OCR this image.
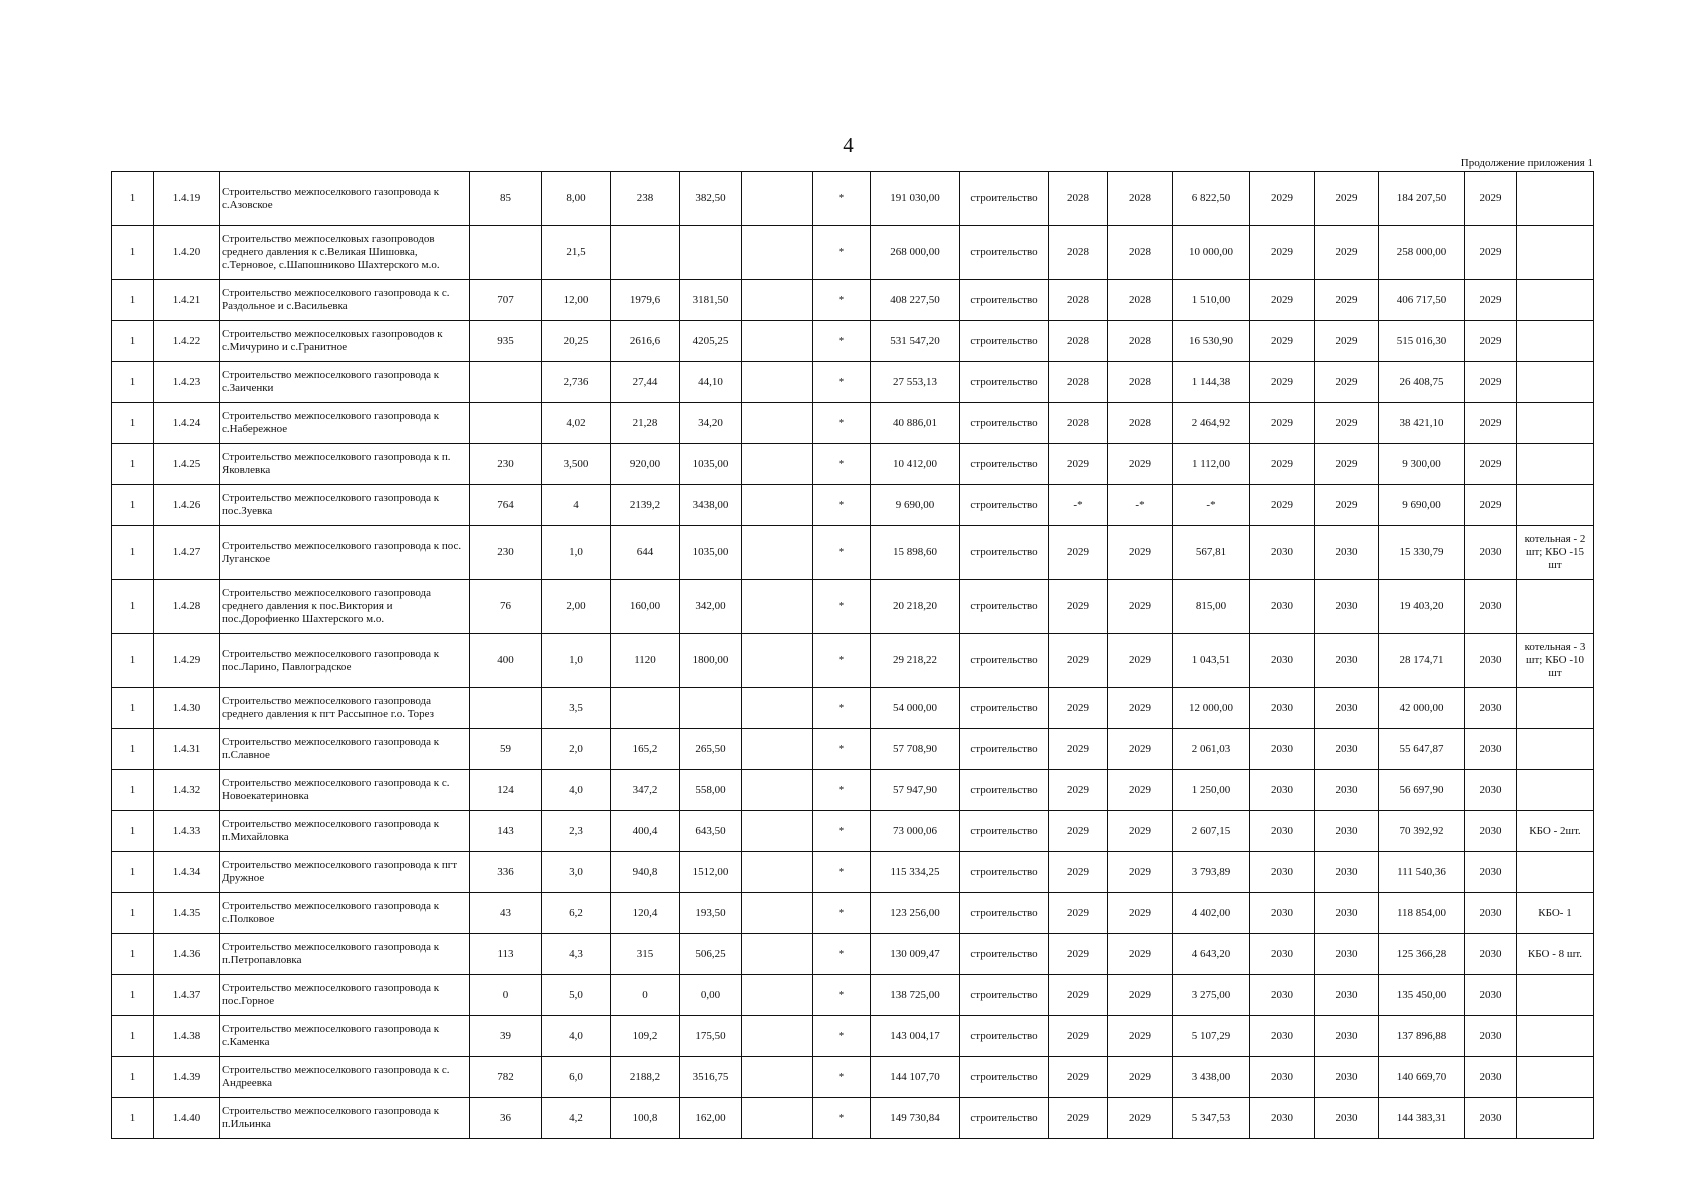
4
Продолжение приложения 1
1	1.4.19	Строительство межпоселкового газопровода к с.Азовское	85	8,00	238	382,50		*	191 030,00	строительство	2028	2028	6 822,50	2029	2029	184 207,50	2029	
1	1.4.20	Строительство межпоселковых газопроводов среднего давления к с.Великая Шишовка, с.Терновое, с.Шапошниково Шахтерского м.о.		21,5				*	268 000,00	строительство	2028	2028	10 000,00	2029	2029	258 000,00	2029	
1	1.4.21	Строительство межпоселкового газопровода к с. Раздольное и с.Васильевка	707	12,00	1979,6	3181,50		*	408 227,50	строительство	2028	2028	1 510,00	2029	2029	406 717,50	2029	
1	1.4.22	Строительство межпоселковых газопроводов к с.Мичурино и с.Гранитное	935	20,25	2616,6	4205,25		*	531 547,20	строительство	2028	2028	16 530,90	2029	2029	515 016,30	2029	
1	1.4.23	Строительство межпоселкового газопровода к с.Заиченки		2,736	27,44	44,10		*	27 553,13	строительство	2028	2028	1 144,38	2029	2029	26 408,75	2029	
1	1.4.24	Строительство межпоселкового газопровода к с.Набережное		4,02	21,28	34,20		*	40 886,01	строительство	2028	2028	2 464,92	2029	2029	38 421,10	2029	
1	1.4.25	Строительство межпоселкового газопровода к п. Яковлевка	230	3,500	920,00	1035,00		*	10 412,00	строительство	2029	2029	1 112,00	2029	2029	9 300,00	2029	
1	1.4.26	Строительство межпоселкового газопровода к пос.Зуевка	764	4	2139,2	3438,00		*	9 690,00	строительство	-*	-*	-*	2029	2029	9 690,00	2029	
1	1.4.27	Строительство межпоселкового газопровода к пос. Луганское	230	1,0	644	1035,00		*	15 898,60	строительство	2029	2029	567,81	2030	2030	15 330,79	2030	котельная - 2 шт; КБО -15 шт
1	1.4.28	Строительство межпоселкового газопровода среднего давления к пос.Виктория и пос.Дорофиенко Шахтерского м.о.	76	2,00	160,00	342,00		*	20 218,20	строительство	2029	2029	815,00	2030	2030	19 403,20	2030	
1	1.4.29	Строительство межпоселкового газопровода к пос.Ларино, Павлоградское	400	1,0	1120	1800,00		*	29 218,22	строительство	2029	2029	1 043,51	2030	2030	28 174,71	2030	котельная - 3 шт; КБО -10 шт
1	1.4.30	Строительство межпоселкового газопровода среднего давления к пгт Рассыпное г.о. Торез		3,5				*	54 000,00	строительство	2029	2029	12 000,00	2030	2030	42 000,00	2030	
1	1.4.31	Строительство межпоселкового газопровода к п.Славное	59	2,0	165,2	265,50		*	57 708,90	строительство	2029	2029	2 061,03	2030	2030	55 647,87	2030	
1	1.4.32	Строительство межпоселкового газопровода к с. Новоекатериновка	124	4,0	347,2	558,00		*	57 947,90	строительство	2029	2029	1 250,00	2030	2030	56 697,90	2030	
1	1.4.33	Строительство межпоселкового газопровода к п.Михайловка	143	2,3	400,4	643,50		*	73 000,06	строительство	2029	2029	2 607,15	2030	2030	70 392,92	2030	КБО - 2шт.
1	1.4.34	Строительство межпоселкового газопровода к пгт Дружное	336	3,0	940,8	1512,00		*	115 334,25	строительство	2029	2029	3 793,89	2030	2030	111 540,36	2030	
1	1.4.35	Строительство межпоселкового газопровода к с.Полковое	43	6,2	120,4	193,50		*	123 256,00	строительство	2029	2029	4 402,00	2030	2030	118 854,00	2030	КБО- 1
1	1.4.36	Строительство межпоселкового газопровода к п.Петропавловка	113	4,3	315	506,25		*	130 009,47	строительство	2029	2029	4 643,20	2030	2030	125 366,28	2030	КБО - 8 шт.
1	1.4.37	Строительство межпоселкового газопровода к пос.Горное	0	5,0	0	0,00		*	138 725,00	строительство	2029	2029	3 275,00	2030	2030	135 450,00	2030	
1	1.4.38	Строительство межпоселкового газопровода к с.Каменка	39	4,0	109,2	175,50		*	143 004,17	строительство	2029	2029	5 107,29	2030	2030	137 896,88	2030	
1	1.4.39	Строительство межпоселкового газопровода к с. Андреевка	782	6,0	2188,2	3516,75		*	144 107,70	строительство	2029	2029	3 438,00	2030	2030	140 669,70	2030	
1	1.4.40	Строительство межпоселкового газопровода к п.Ильинка	36	4,2	100,8	162,00		*	149 730,84	строительство	2029	2029	5 347,53	2030	2030	144 383,31	2030	
